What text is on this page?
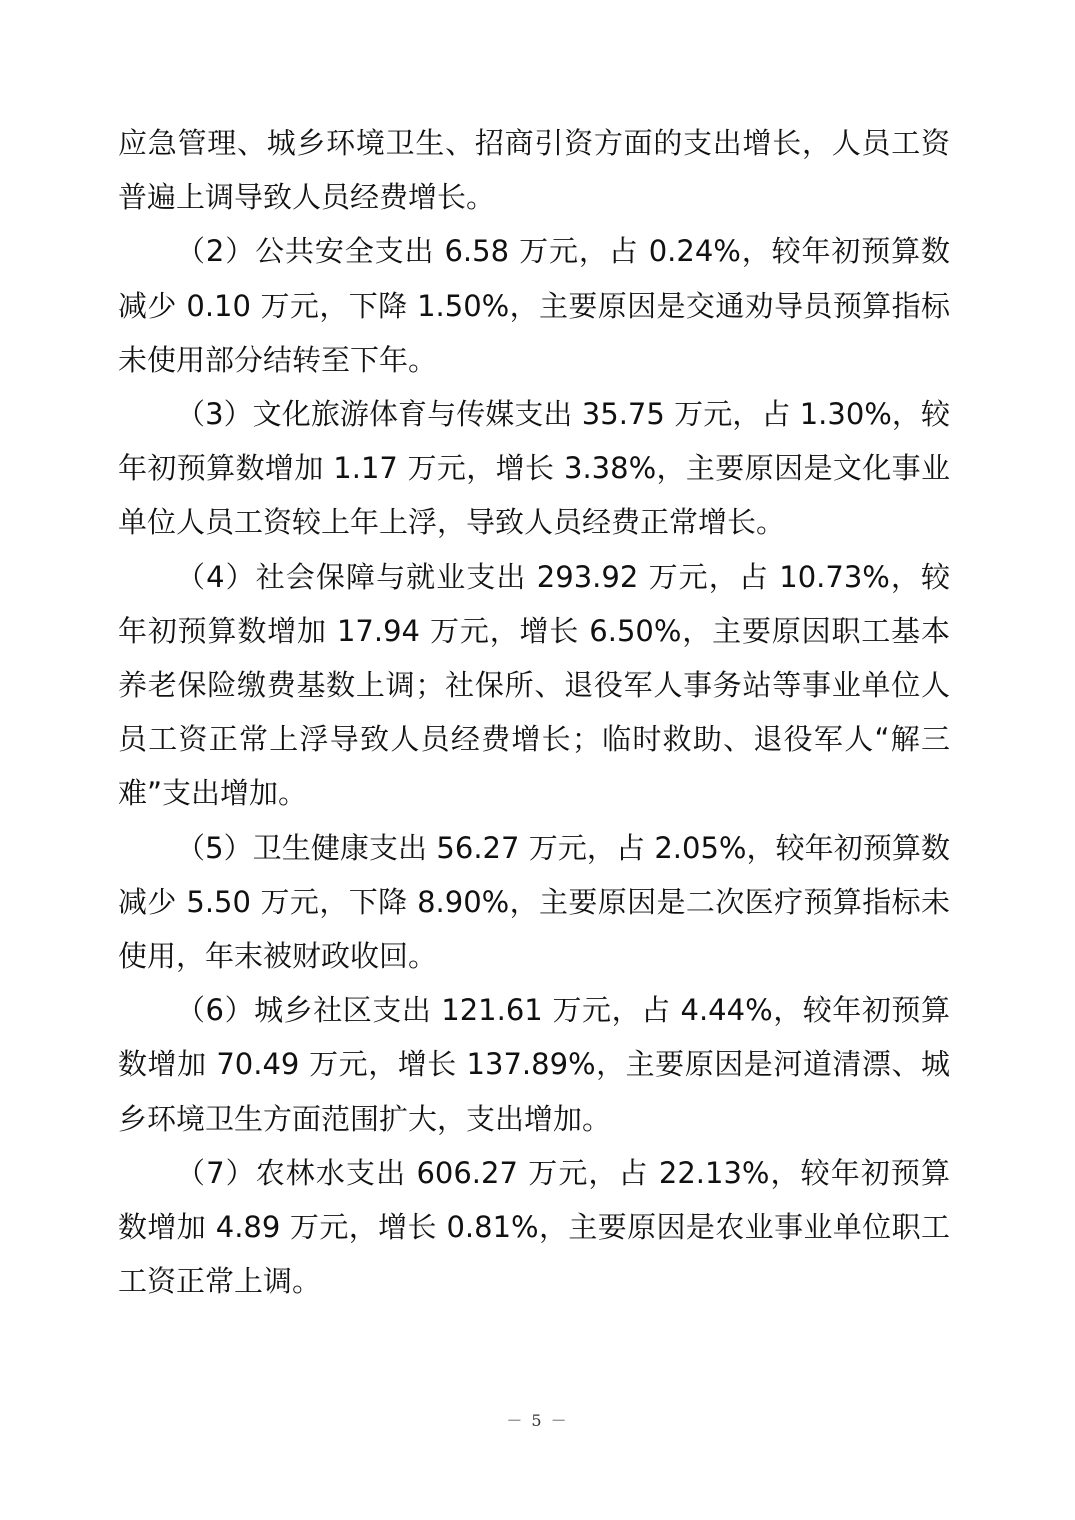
应急管理、城乡环境卫生、招商引资方面的支出增长，人员工资普遍上调导致人员经费增长。

（2）公共安全支出 6.58 万元，占 0.24%，较年初预算数减少 0.10 万元，下降 1.50%，主要原因是交通劝导员预算指标未使用部分结转至下年。

（3）文化旅游体育与传媒支出 35.75 万元，占 1.30%，较年初预算数增加 1.17 万元，增长 3.38%，主要原因是文化事业单位人员工资较上年上浮，导致人员经费正常增长。

（4）社会保障与就业支出 293.92 万元，占 10.73%，较年初预算数增加 17.94 万元，增长 6.50%，主要原因职工基本养老保险缴费基数上调；社保所、退役军人事务站等事业单位人员工资正常上浮导致人员经费增长；临时救助、退役军人“解三难”支出增加。

（5）卫生健康支出 56.27 万元，占 2.05%，较年初预算数减少 5.50 万元，下降 8.90%，主要原因是二次医疗预算指标未使用，年末被财政收回。

（6）城乡社区支出 121.61 万元，占 4.44%，较年初预算数增加 70.49 万元，增长 137.89%，主要原因是河道清漂、城乡环境卫生方面范围扩大，支出增加。

（7）农林水支出 606.27 万元，占 22.13%，较年初预算数增加 4.89 万元，增长 0.81%，主要原因是农业事业单位职工工资正常上调。

－ 5 －
